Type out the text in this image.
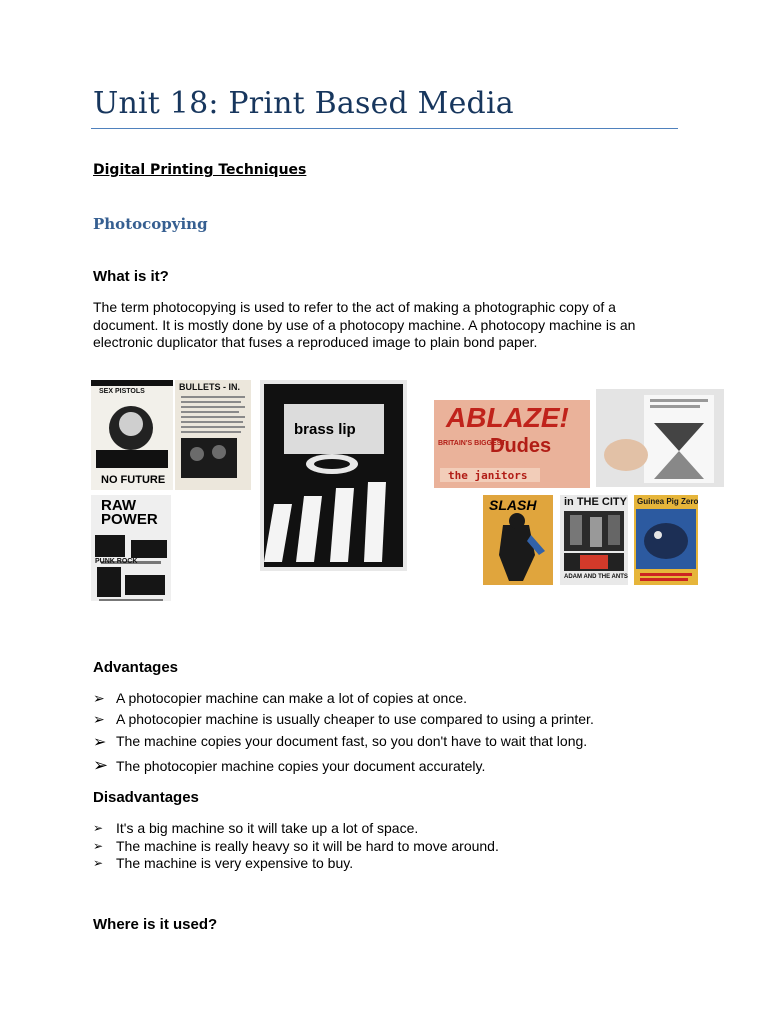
Unit 18: Print Based Media
Digital Printing Techniques
Photocopying
What is it?
The term photocopying is used to refer to the act of making a photographic copy of a document. It is mostly done by use of a photocopy machine. A photocopy machine is an electronic duplicator that fuses a reproduced image to plain bond paper.
SEX PISTOLS
NO FUTURE
BULLETS - IN.
RAW POWER
PUNK ROCK
brass lip	ABLAZE!
BRITAIN'S BIGGEST
Dudes
the janitors
SLASH	in THE CITY
ADAM AND THE ANTS
Guinea Pig Zero
Advantages
➢ A photocopier machine can make a lot of copies at once.
➢ A photocopier machine is usually cheaper to use compared to using a printer.
➢ The machine copies your document fast, so you don't have to wait that long.
➢ The photocopier machine copies your document accurately.
Disadvantages
➢ It's a big machine so it will take up a lot of space.
➢ The machine is really heavy so it will be hard to move around.
➢ The machine is very expensive to buy.
Where is it used?
